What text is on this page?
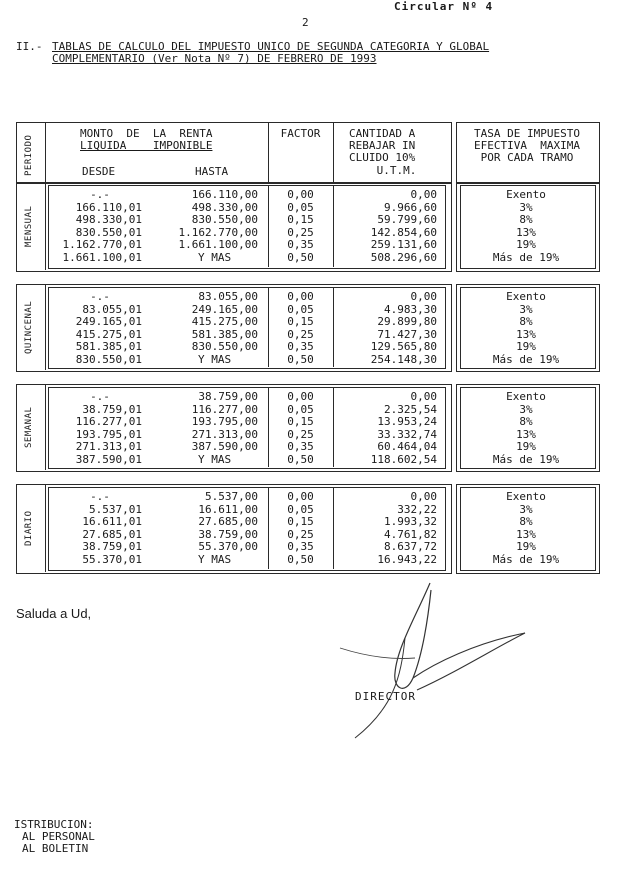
Circular Nº 4
2
II.- TABLAS DE CALCULO DEL IMPUESTO UNICO DE SEGUNDA CATEGORIA Y GLOBAL
COMPLEMENTARIO (Ver Nota Nº 7) DE FEBRERO DE 1993
PERIODO
MONTO  DE  LA  RENTA
LIQUIDA    IMPONIBLE
DESDE	HASTA
FACTOR	CANTIDAD A
REBAJAR IN
CLUIDO 10%
U.T.M.
TASA DE IMPUESTO
EFECTIVA  MAXIMA
POR CADA TRAMO
MENSUAL
-.-	166.110,00	0,00	0,00	Exento
166.110,01	498.330,00	0,05	9.966,60	3%
498.330,01	830.550,00	0,15	59.799,60	8%
830.550,01	1.162.770,00	0,25	142.854,60	13%
1.162.770,01	1.661.100,00	0,35	259.131,60	19%
1.661.100,01	Y MAS	0,50	508.296,60	Más de 19%
QUINCENAL
-.-	83.055,00	0,00	0,00	Exento
83.055,01	249.165,00	0,05	4.983,30	3%
249.165,01	415.275,00	0,15	29.899,80	8%
415.275,01	581.385,00	0,25	71.427,30	13%
581.385,01	830.550,00	0,35	129.565,80	19%
830.550,01	Y MAS	0,50	254.148,30	Más de 19%
SEMANAL
-.-	38.759,00	0,00	0,00	Exento
38.759,01	116.277,00	0,05	2.325,54	3%
116.277,01	193.795,00	0,15	13.953,24	8%
193.795,01	271.313,00	0,25	33.332,74	13%
271.313,01	387.590,00	0,35	60.464,04	19%
387.590,01	Y MAS	0,50	118.602,54	Más de 19%
DIARIO
-.-	5.537,00	0,00	0,00	Exento
5.537,01	16.611,00	0,05	332,22	3%
16.611,01	27.685,00	0,15	1.993,32	8%
27.685,01	38.759,00	0,25	4.761,82	13%
38.759,01	55.370,00	0,35	8.637,72	19%
55.370,01	Y MAS	0,50	16.943,22	Más de 19%
Saluda a Ud,
DIRECTOR
ISTRIBUCION:
AL PERSONAL
AL BOLETIN
